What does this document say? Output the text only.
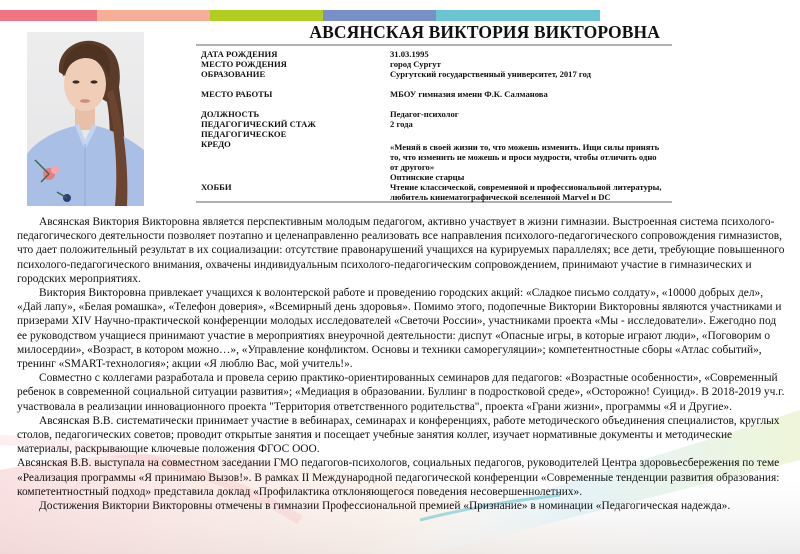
АВСЯНСКАЯ ВИКТОРИЯ ВИКТОРОВНА
ДАТА РОЖДЕНИЯ	31.03.1995
МЕСТО РОЖДЕНИЯ	город Сургут
ОБРАЗОВАНИЕ	Сургутский государственный университет, 2017 год
МЕСТО РАБОТЫ	МБОУ гимназия имени Ф.К. Салманова
ДОЛЖНОСТЬ	Педагог-психолог
ПЕДАГОГИЧЕСКИЙ СТАЖ	2 года
ПЕДАГОГИЧЕСКОЕ
КРЕДО	«Меняй в своей жизни то, что можешь изменить. Ищи силы принять то, что изменить не можешь и проси мудрости, чтобы отличить одно от другого»
Оптинские старцы
ХОББИ	Чтение классической, современной и профессиональной литературы, любитель кинематографической вселенной Marvel и DC

Авсянская Виктория Викторовна является перспективным молодым педагогом, активно участвует в жизни гимназии. Выстроенная система психолого-педагогического деятельности позволяет поэтапно и целенаправленно реализовать все направления психолого-педагогического сопровождения гимназистов, что дает положительный результат в их социализации: отсутствие правонарушений учащихся на курируемых параллелях; все дети, требующие повышенного психолого-педагогического внимания, охвачены индивидуальным психолого-педагогическим сопровождением, принимают участие в гимназических и городских мероприятиях.

Виктория Викторовна привлекает учащихся к волонтерской работе и проведению городских акций: «Сладкое письмо солдату», «10000 добрых дел», «Дай лапу», «Белая ромашка», «Телефон доверия», «Всемирный день здоровья». Помимо этого, подопечные Виктории Викторовны являются участниками и призерами XIV Научно-практической конференции молодых исследователей «Светочи России», участниками проекта «Мы - исследователи». Ежегодно под ее руководством учащиеся принимают участие в мероприятиях внеурочной деятельности: диспут «Опасные игры, в которые играют люди», «Поговорим о милосердии», «Возраст, в котором можно…», «Управление конфликтом. Основы и техники саморегуляции»; компетентностные сборы «Атлас событий», тренинг «SMART-технология»; акции «Я люблю Вас, мой учитель!».

Совместно с коллегами разработала и провела серию практико-ориентированных семинаров для педагогов: «Возрастные особенности», «Современный ребенок в современной социальной ситуации развития»; «Медиация в образовании. Буллинг в подростковой среде», «Осторожно! Суицид». В 2018-2019 уч.г. участвовала в реализации инновационного проекта "Территория ответственного родительства", проекта «Грани жизни», программы «Я и Другие».

Авсянская В.В. систематически принимает участие в вебинарах, семинарах и конференциях, работе методического объединения специалистов, круглых столов, педагогических советов; проводит открытые занятия и посещает учебные занятия коллег, изучает нормативные документы и методические материалы, раскрывающие ключевые положения ФГОС ООО.

Авсянская В.В. выступала на совместном заседании ГМО педагогов-психологов, социальных педагогов, руководителей Центра здоровьесбережения по теме «Реализация программы «Я принимаю Вызов!». В рамках II Международной педагогической конференции «Современные тенденции развития образования: компетентностный подход» представила доклад «Профилактика отклоняющегося поведения несовершеннолетних».

Достижения Виктории Викторовны отмечены в гимназии Профессиональной премией «Признание» в номинации «Педагогическая надежда».
